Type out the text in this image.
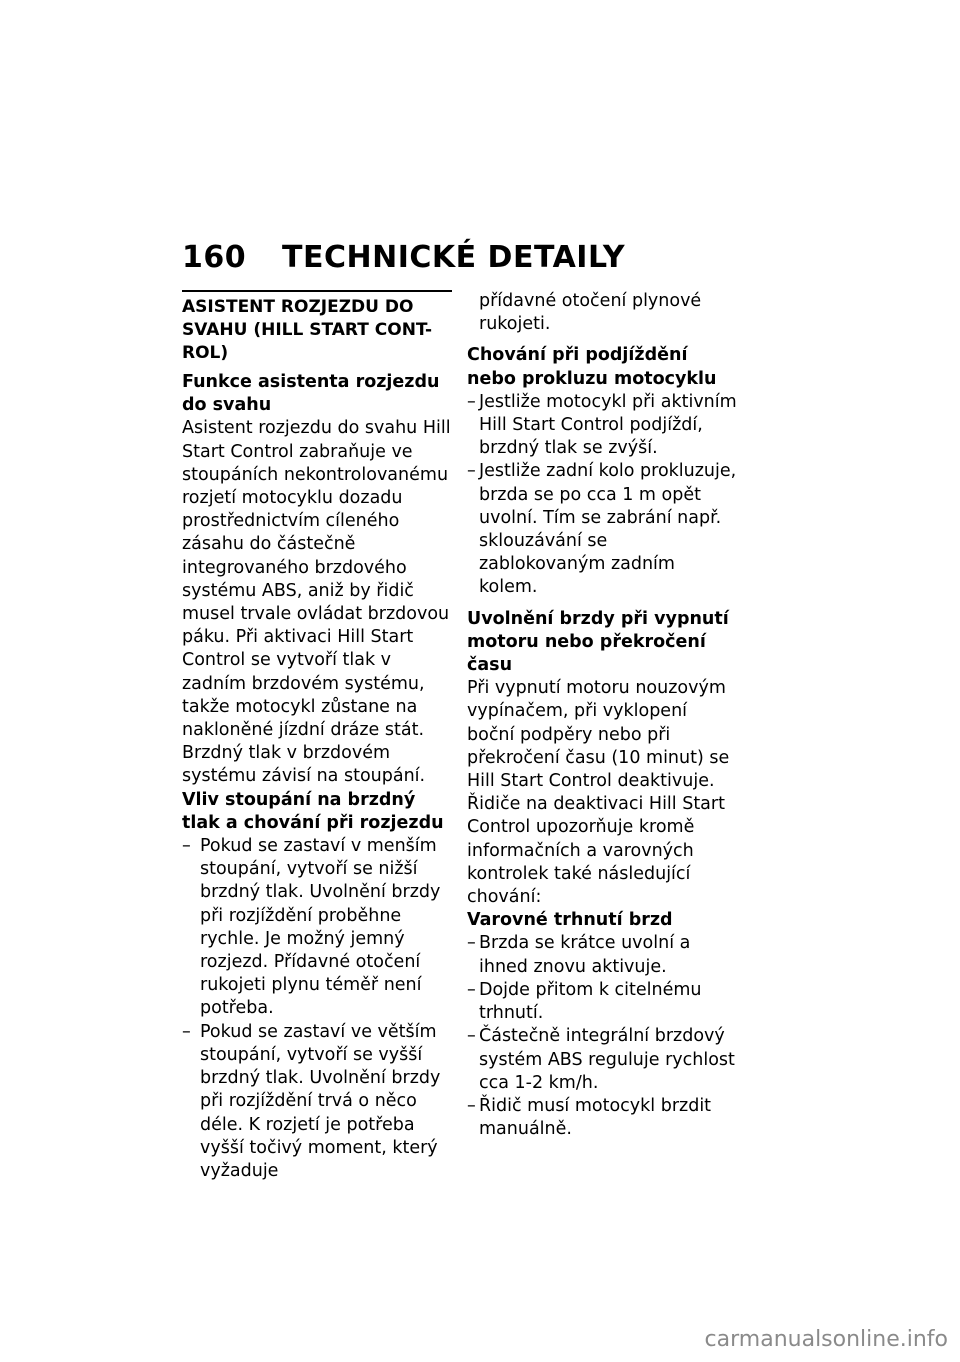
160 TECHNICKÉ DETAILY

ASISTENT ROZJEZDU DO SVAHU (HILL START CONT-ROL)

Funkce asistenta rozjezdu do svahu

Asistent rozjezdu do svahu Hill Start Control zabraňuje ve stoupáních nekontrolovanému rozjetí motocyklu dozadu prostřednictvím cíleného zásahu do částečně integrovaného brzdového systému ABS, aniž by řidič musel trvale ovládat brzdovou páku. Při aktivaci Hill Start Control se vytvoří tlak v zadním brzdovém systému, takže motocykl zůstane na nakloněné jízdní dráze stát.

Brzdný tlak v brzdovém systému závisí na stoupání.

Vliv stoupání na brzdný tlak a chování při rozjezdu

– Pokud se zastaví v menším stoupání, vytvoří se nižší brzdný tlak. Uvolnění brzdy při rozjíždění proběhne rychle. Je možný jemný rozjezd. Přídavné otočení rukojeti plynu téměř není potřeba.
– Pokud se zastaví ve větším stoupání, vytvoří se vyšší brzdný tlak. Uvolnění brzdy při rozjíždění trvá o něco déle. K rozjetí je potřeba vyšší točivý moment, který vyžaduje

přídavné otočení plynové rukojeti.

Chování při podjíždění nebo prokluzu motocyklu

– Jestliže motocykl při aktivním Hill Start Control podjíždí, brzdný tlak se zvýší.
– Jestliže zadní kolo prokluzuje, brzda se po cca 1 m opět uvolní. Tím se zabrání např. sklouzávání se zablokovaným zadním kolem.

Uvolnění brzdy při vypnutí motoru nebo překročení času

Při vypnutí motoru nouzovým vypínačem, při vyklopení boční podpěry nebo při překročení času (10 minut) se Hill Start Control deaktivuje.

Řidiče na deaktivaci Hill Start Control upozorňuje kromě informačních a varovných kontrolek také následující chování:

Varovné trhnutí brzd

– Brzda se krátce uvolní a ihned znovu aktivuje.
– Dojde přitom k citelnému trhnutí.
– Částečně integrální brzdový systém ABS reguluje rychlost cca 1-2 km/h.
– Řidič musí motocykl brzdit manuálně.
carmanualsonline.info
